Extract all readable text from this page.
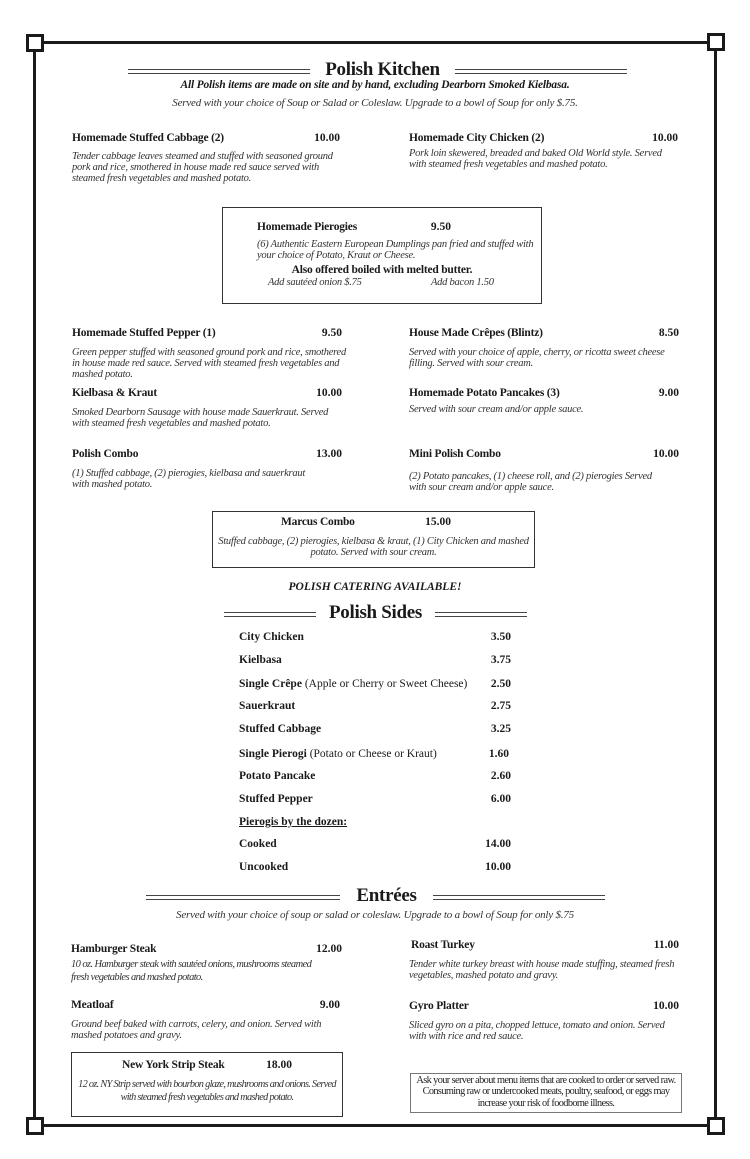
Polish Kitchen
All Polish items are made on site and by hand, excluding Dearborn Smoked Kielbasa.
Served with your choice of Soup or Salad or Coleslaw. Upgrade to a bowl of Soup for only $.75.
Homemade Stuffed Cabbage (2)	10.00
Tender cabbage leaves steamed and stuffed with seasoned ground pork and rice, smothered in house made red sauce served with steamed fresh vegetables and mashed potato.
Homemade City Chicken (2)	10.00
Pork loin skewered, breaded and baked Old World style. Served with steamed fresh vegetables and mashed potato.
Homemade Pierogies	9.50
(6) Authentic Eastern European Dumplings pan fried and stuffed with your choice of Potato, Kraut or Cheese.
Also offered boiled with melted butter.
Add sautéed onion $.75	Add bacon 1.50
Homemade Stuffed Pepper (1)	9.50
Green pepper stuffed with seasoned ground pork and rice, smothered in house made red sauce. Served with steamed fresh vegetables and mashed potato.
House Made Crêpes (Blintz)	8.50
Served with your choice of apple, cherry, or ricotta sweet cheese filling. Served with sour cream.
Kielbasa & Kraut	10.00
Smoked Dearborn Sausage with house made Sauerkraut. Served with steamed fresh vegetables and mashed potato.
Homemade Potato Pancakes (3)	9.00
Served with sour cream and/or apple sauce.
Polish Combo	13.00
(1) Stuffed cabbage, (2) pierogies, kielbasa and sauerkraut with mashed potato.
Mini Polish Combo	10.00
(2) Potato pancakes, (1) cheese roll, and (2) pierogies Served with sour cream and/or apple sauce.
Marcus Combo	15.00
Stuffed cabbage, (2) pierogies, kielbasa & kraut, (1) City Chicken and mashed potato. Served with sour cream.
POLISH CATERING AVAILABLE!
Polish Sides
City Chicken	3.50
Kielbasa	3.75
Single Crêpe (Apple or Cherry or Sweet Cheese)	2.50
Sauerkraut	2.75
Stuffed Cabbage	3.25
Single Pierogi (Potato or Cheese or Kraut)	1.60
Potato Pancake	2.60
Stuffed Pepper	6.00
Pierogis by the dozen:
Cooked	14.00
Uncooked	10.00
Entrées
Served with your choice of soup or salad or coleslaw. Upgrade to a bowl of Soup for only $.75
Hamburger Steak	12.00
10 oz. Hamburger steak with sautéed onions, mushrooms steamed fresh vegetables and mashed potato.
Roast Turkey	11.00
Tender white turkey breast with house made stuffing, steamed fresh vegetables, mashed potato and gravy.
Meatloaf	9.00
Ground beef baked with carrots, celery, and onion. Served with mashed potatoes and gravy.
Gyro Platter	10.00
Sliced gyro on a pita, chopped lettuce, tomato and onion. Served with with rice and red sauce.
New York Strip Steak	18.00
12 oz. NY Strip served with bourbon glaze, mushrooms and onions. Served with steamed fresh vegetables and mashed potato.
Ask your server about menu items that are cooked to order or served raw. Consuming raw or undercooked meats, poultry, seafood, or eggs may increase your risk of foodborne illness.
